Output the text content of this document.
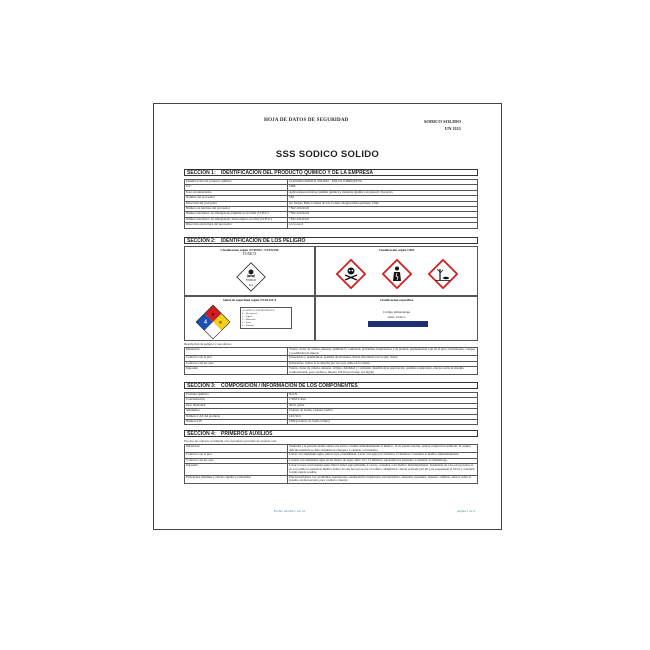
HOJA DE DATOS DE SEGURIDAD	SODICO SOLIDO
UN 1111
SSS SODICO SOLIDO
SECCION 1: IDENTIFICACIÓN DEL PRODUCTO QUÍMICO Y DE LA EMPRESA
Identificación del producto químico	CIANURO SODICO SOLIDO – POLVO O BRIQUETA
UN	1689
Usos recomendados	Aplicaciones técnicas (análisis químico), industria Química en general, Docencia
Nombre del proveedor	SSS
Dirección del proveedor	Av. Isidoro Belle Carmas de Las Condes, Región Metropolitana, Chile
Número de teléfono del proveedor	+562 22222222
Número telefónico de emergencias (Químicos en Chile (CITUC)	+562 22222222
Número telefónico de emergencias Toxicológica en Chile (CITUC)	+562 22222222
Dirección electrónica del proveedor	www.sss.cl
SECCION 2: IDENTIFICACION DE LOS PELIGRO
Clasificación según NCH382 / NCH2190
TOXICO
TÓXICO
6.1
Clasificación según GHS
Señal de seguridad según NCh1411/4
0
4	0
CLASIFICACIÓN DE RIESGOS
0 = No especial
1 = Ligero
2 = Moderado
3 = Serio
4 = Extremo
Clasificación específica
Código Almacenaje
Azul: Tóxico
Descripción de peligros y sus efectos
Inhalación	Tóxico, dolor de cabeza, náuseas, debilidad y confusión, problemas respiratorios y de presión, pigmentación rojo en la piel, convulsiones, colapso y posibilidad de muerte
Contacto con la piel	Irritaciones y quemaduras, posibles ulceraciones. Puede absorberse por la piel, tóxico
Contacto con los ojos	Irritaciones, tóxico si se absorbe por los ojos, daño en la córnea
Ingestión	Tóxico, dolor de cabeza, náuseas, vértigo, debilidad y confusión. Insuficiencia respiratoria, paralisis respiratoria, efectos sobre el sistema cardiovascular, paro cardíaco, muerte. DL50 (oral rata): 6,4 mg/kg
SECCION 3: COMPOSICIÓN / INFORMACION DE LOS COMPONENTES
Formula Química	NaCN
Concentración	≥ 98,0% min
Peso molecular	49,01 g/mol
Sinónimos	Cianuro de Sodio; Cianuro Sódico
Número CAS del producto	143-33-9
Número UN	1689 (Cianuro de Sodio Sólido)
SECCION 4: PRIMEROS AUXILIOS
En caso de contacto accidental con el producto proceder de acuerdo con:
Inhalación	Trasladar a la persona donde exista aire fresco. Llamar inmediatamente al médico. Si no puede respirar, aplicar respiración artificial. Si respira dificultosamente se debe suministrar Oxígeno. Consultar a un médico.
Contacto con la piel	Llevar con abundante agua, retirar ropa contaminada. Lavar con agua por al menos 15 minutos. Consultar al médico inmediatamente.
Contacto con los ojos	Lavarse con abundante agua en un chorro de agua, entre 10 y 15 minutos, separando los párpados. Consultar al oftalmólogo.
Ingestión	Lavar la boca con bastante agua. Hacer beber agua (máximo 2 vasos), consultar a un médico inmediatamente. Solamente en caso excepcional, si no es posible la asistencia médica dentro de una hora provocar el vómito, administrar carbón activado (20-40 g en suspensión al 10%) y consultar lo más rápido posible.
Principales síntomas y efectos agudos y retardados	Efectos irritantes, tos, problemas respiratorios, insuficiencia respiratoria, inconsciencia, ansiedad, espasmos, náuseas, vómitos, efectos sobre el sistema cardiovascular, paro cardíaco, muerte.
Fecha: 04/2021, ver 01	página 1 de 4
